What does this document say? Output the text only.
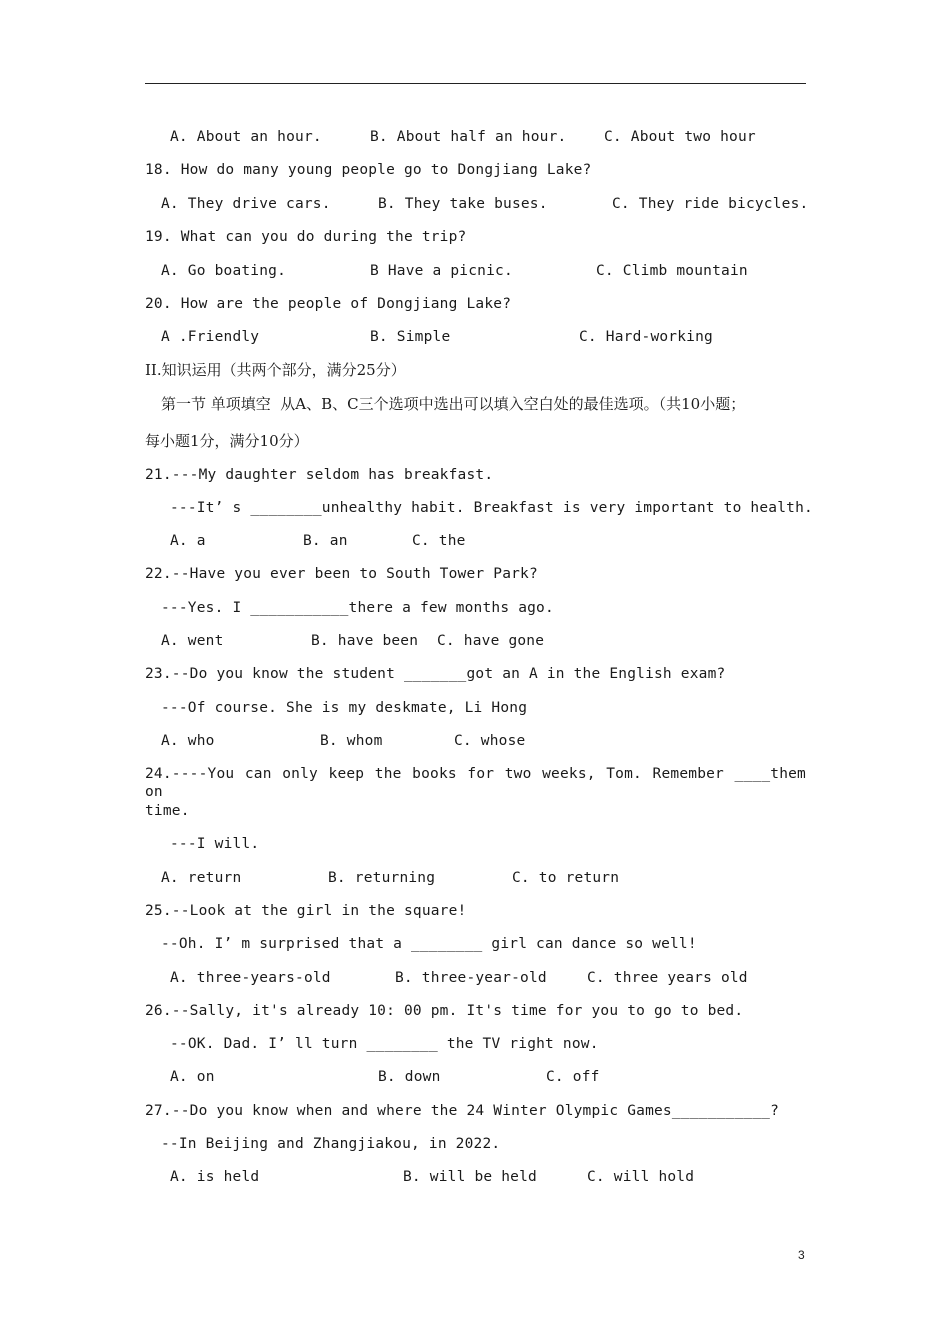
A. About an hour.	B. About half an hour.	C. About two hour
18. How do many young people go to Dongjiang Lake?
A. They drive cars.	B. They take buses.	C. They ride bicycles.
19. What can you do during the trip?
A. Go boating.	B Have a picnic.	C. Climb mountain
20. How are the people of Dongjiang Lake?
A .Friendly	B. Simple	C. Hard-working
II.知识运用（共两个部分，满分25分）
第一节 单项填空  从A、B、C三个选项中选出可以填入空白处的最佳选项。（共10小题；
每小题1分，满分10分）
21.---My daughter seldom has breakfast.
---It’ s ________unhealthy habit. Breakfast is very important to health.
A. a	B. an	C. the
22.--Have you ever been to South Tower Park?
---Yes. I ___________there a few months ago.
A. went	B. have been C. have gone
23.--Do you know the student _______got an A in the English exam?
---Of course. She is my deskmate, Li Hong
A. who	B. whom	C. whose
24.----You can only keep the books for two weeks, Tom. Remember ____them on
time.
---I will.
A. return	B. returning	C. to return
25.--Look at the girl in the square!
--Oh. I’ m surprised that a ________ girl can dance so well!
A. three-years-old	B. three-year-old	C. three years old
26.--Sally, it's already 10: 00 pm. It's time for you to go to bed.
--OK. Dad. I’ ll turn ________ the TV right now.
A. on	B. down	C. off
27.--Do you know when and where the 24 Winter Olympic Games___________?
--In Beijing and Zhangjiakou, in 2022.
A. is held	B. will be held	C. will hold
3
